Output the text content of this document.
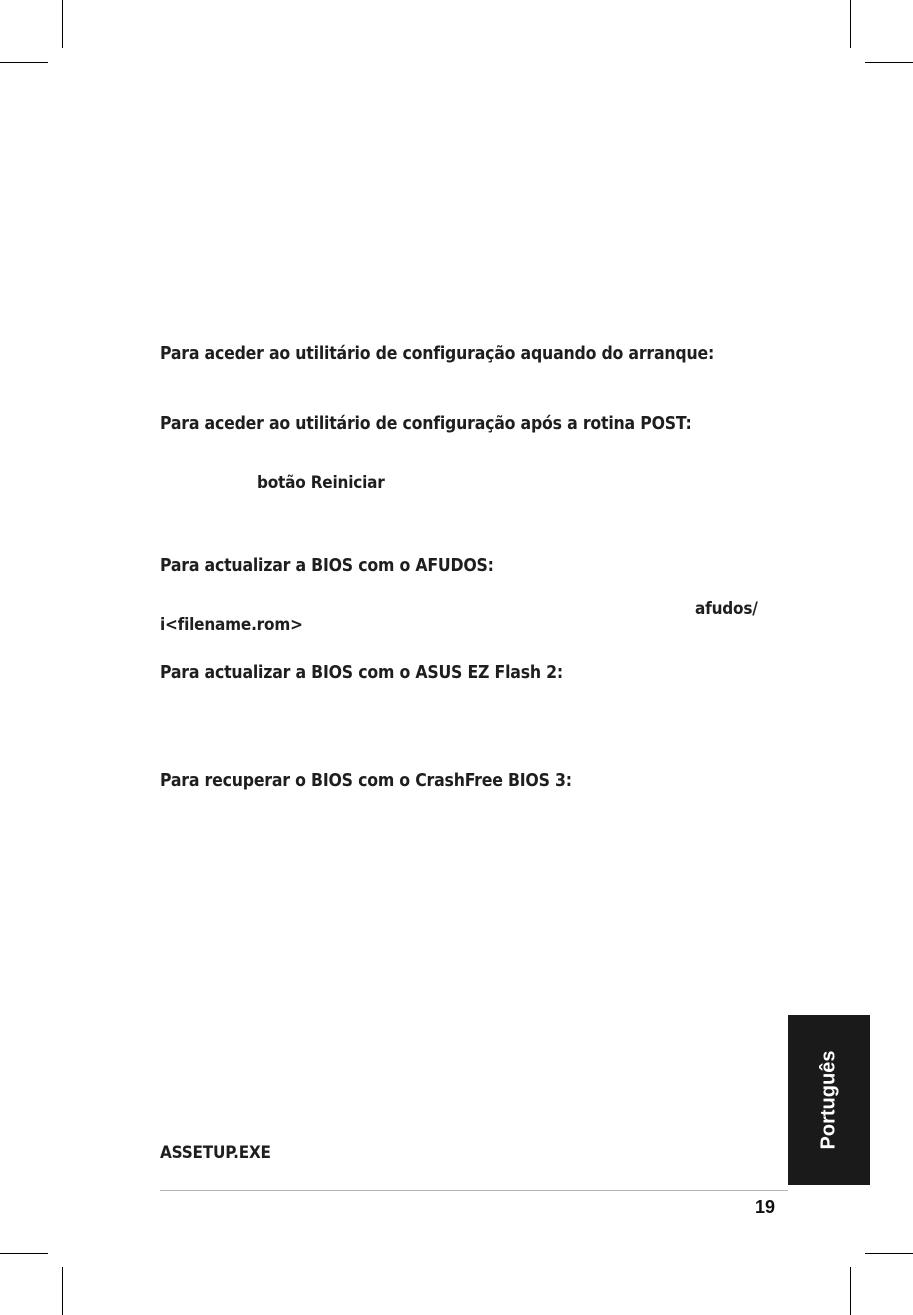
Para aceder ao utilitário de configuração aquando do arranque:
Para aceder ao utilitário de configuração após a rotina POST:
botão Reiniciar
Para actualizar a BIOS com o AFUDOS:
afudos/
i<filename.rom>
Para actualizar a BIOS com o ASUS EZ Flash 2:
Para recuperar o BIOS com o CrashFree BIOS 3:
ASSETUP.EXE
Português
19
